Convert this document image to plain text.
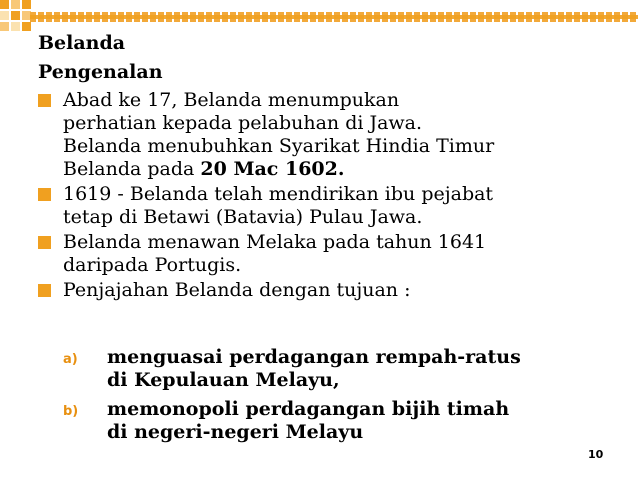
Belanda
Pengenalan
Abad ke 17, Belanda menumpukan
perhatian kepada pelabuhan di Jawa.
Belanda menubuhkan Syarikat Hindia Timur
Belanda pada 20 Mac 1602.
1619 - Belanda telah mendirikan ibu pejabat
tetap di Betawi (Batavia) Pulau Jawa.
Belanda menawan Melaka pada tahun 1641
daripada Portugis.
Penjajahan Belanda dengan tujuan :
a) menguasai perdagangan rempah-ratus
di Kepulauan Melayu,
b) memonopoli perdagangan bijih timah
di negeri-negeri Melayu
10
